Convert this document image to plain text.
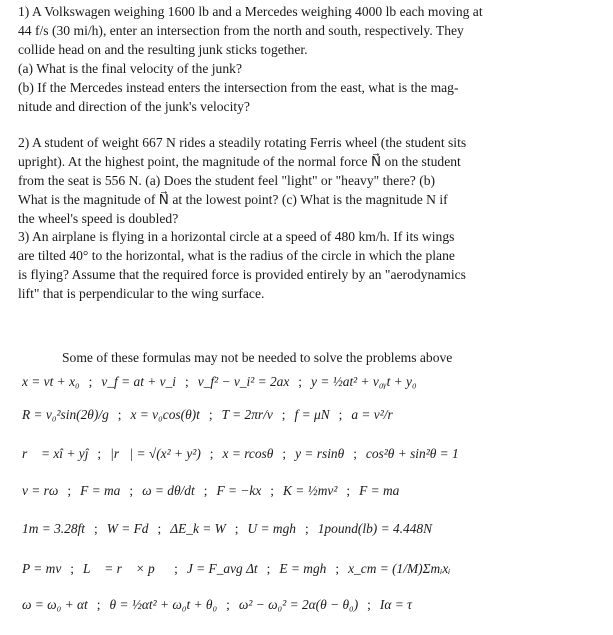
1) A Volkswagen weighing 1600 lb and a Mercedes weighing 4000 lb each moving at
44 f/s (30 mi/h), enter an intersection from the north and south, respectively. They
collide head on and the resulting junk sticks together.
(a) What is the final velocity of the junk?
(b) If the Mercedes instead enters the intersection from the east, what is the mag-
nitude and direction of the junk's velocity?
2) A student of weight 667 N rides a steadily rotating Ferris wheel (the student sits
upright). At the highest point, the magnitude of the normal force N⃗ on the student
from the seat is 556 N. (a) Does the student feel "light" or "heavy" there? (b)
What is the magnitude of N⃗ at the lowest point? (c) What is the magnitude N if
the wheel's speed is doubled?
3) An airplane is flying in a horizontal circle at a speed of 480 km/h. If its wings
are tilted 40° to the horizontal, what is the radius of the circle in which the plane
is flying? Assume that the required force is provided entirely by an "aerodynamics
lift" that is perpendicular to the wing surface.
Some of these formulas may not be needed to solve the problems above
x = vt + x₀ ; v_f = at + v_i ; v_f² − v_i² = 2ax ; y = ½at² + v₀ᵧt + y₀
R = v₀²sin(2θ)/g ; x = v₀cos(θ)t ; T = 2πr/v ; f = μN ; a = v²/r
r⃗ = xî + yĵ ; |r⃗| = √(x² + y²) ; x = rcosθ ; y = rsinθ ; cos²θ + sin²θ = 1
v = rω ; F = ma ; ω = dθ/dt ; F = −kx ; K = ½mv² ; F = ma
1m = 3.28ft ; W = Fd ; ΔE_k = W ; U = mgh ; 1pound(lb) = 4.448N
P = mv ; L⃗ = r⃗ × p⃗ ; J = F_avg Δt ; E = mgh ; x_cm = (1/M)Σmᵢxᵢ
ω = ω₀ + αt ; θ = ½αt² + ω₀t + θ₀ ; ω² − ω₀² = 2α(θ − θ₀) ; Iα = τ
